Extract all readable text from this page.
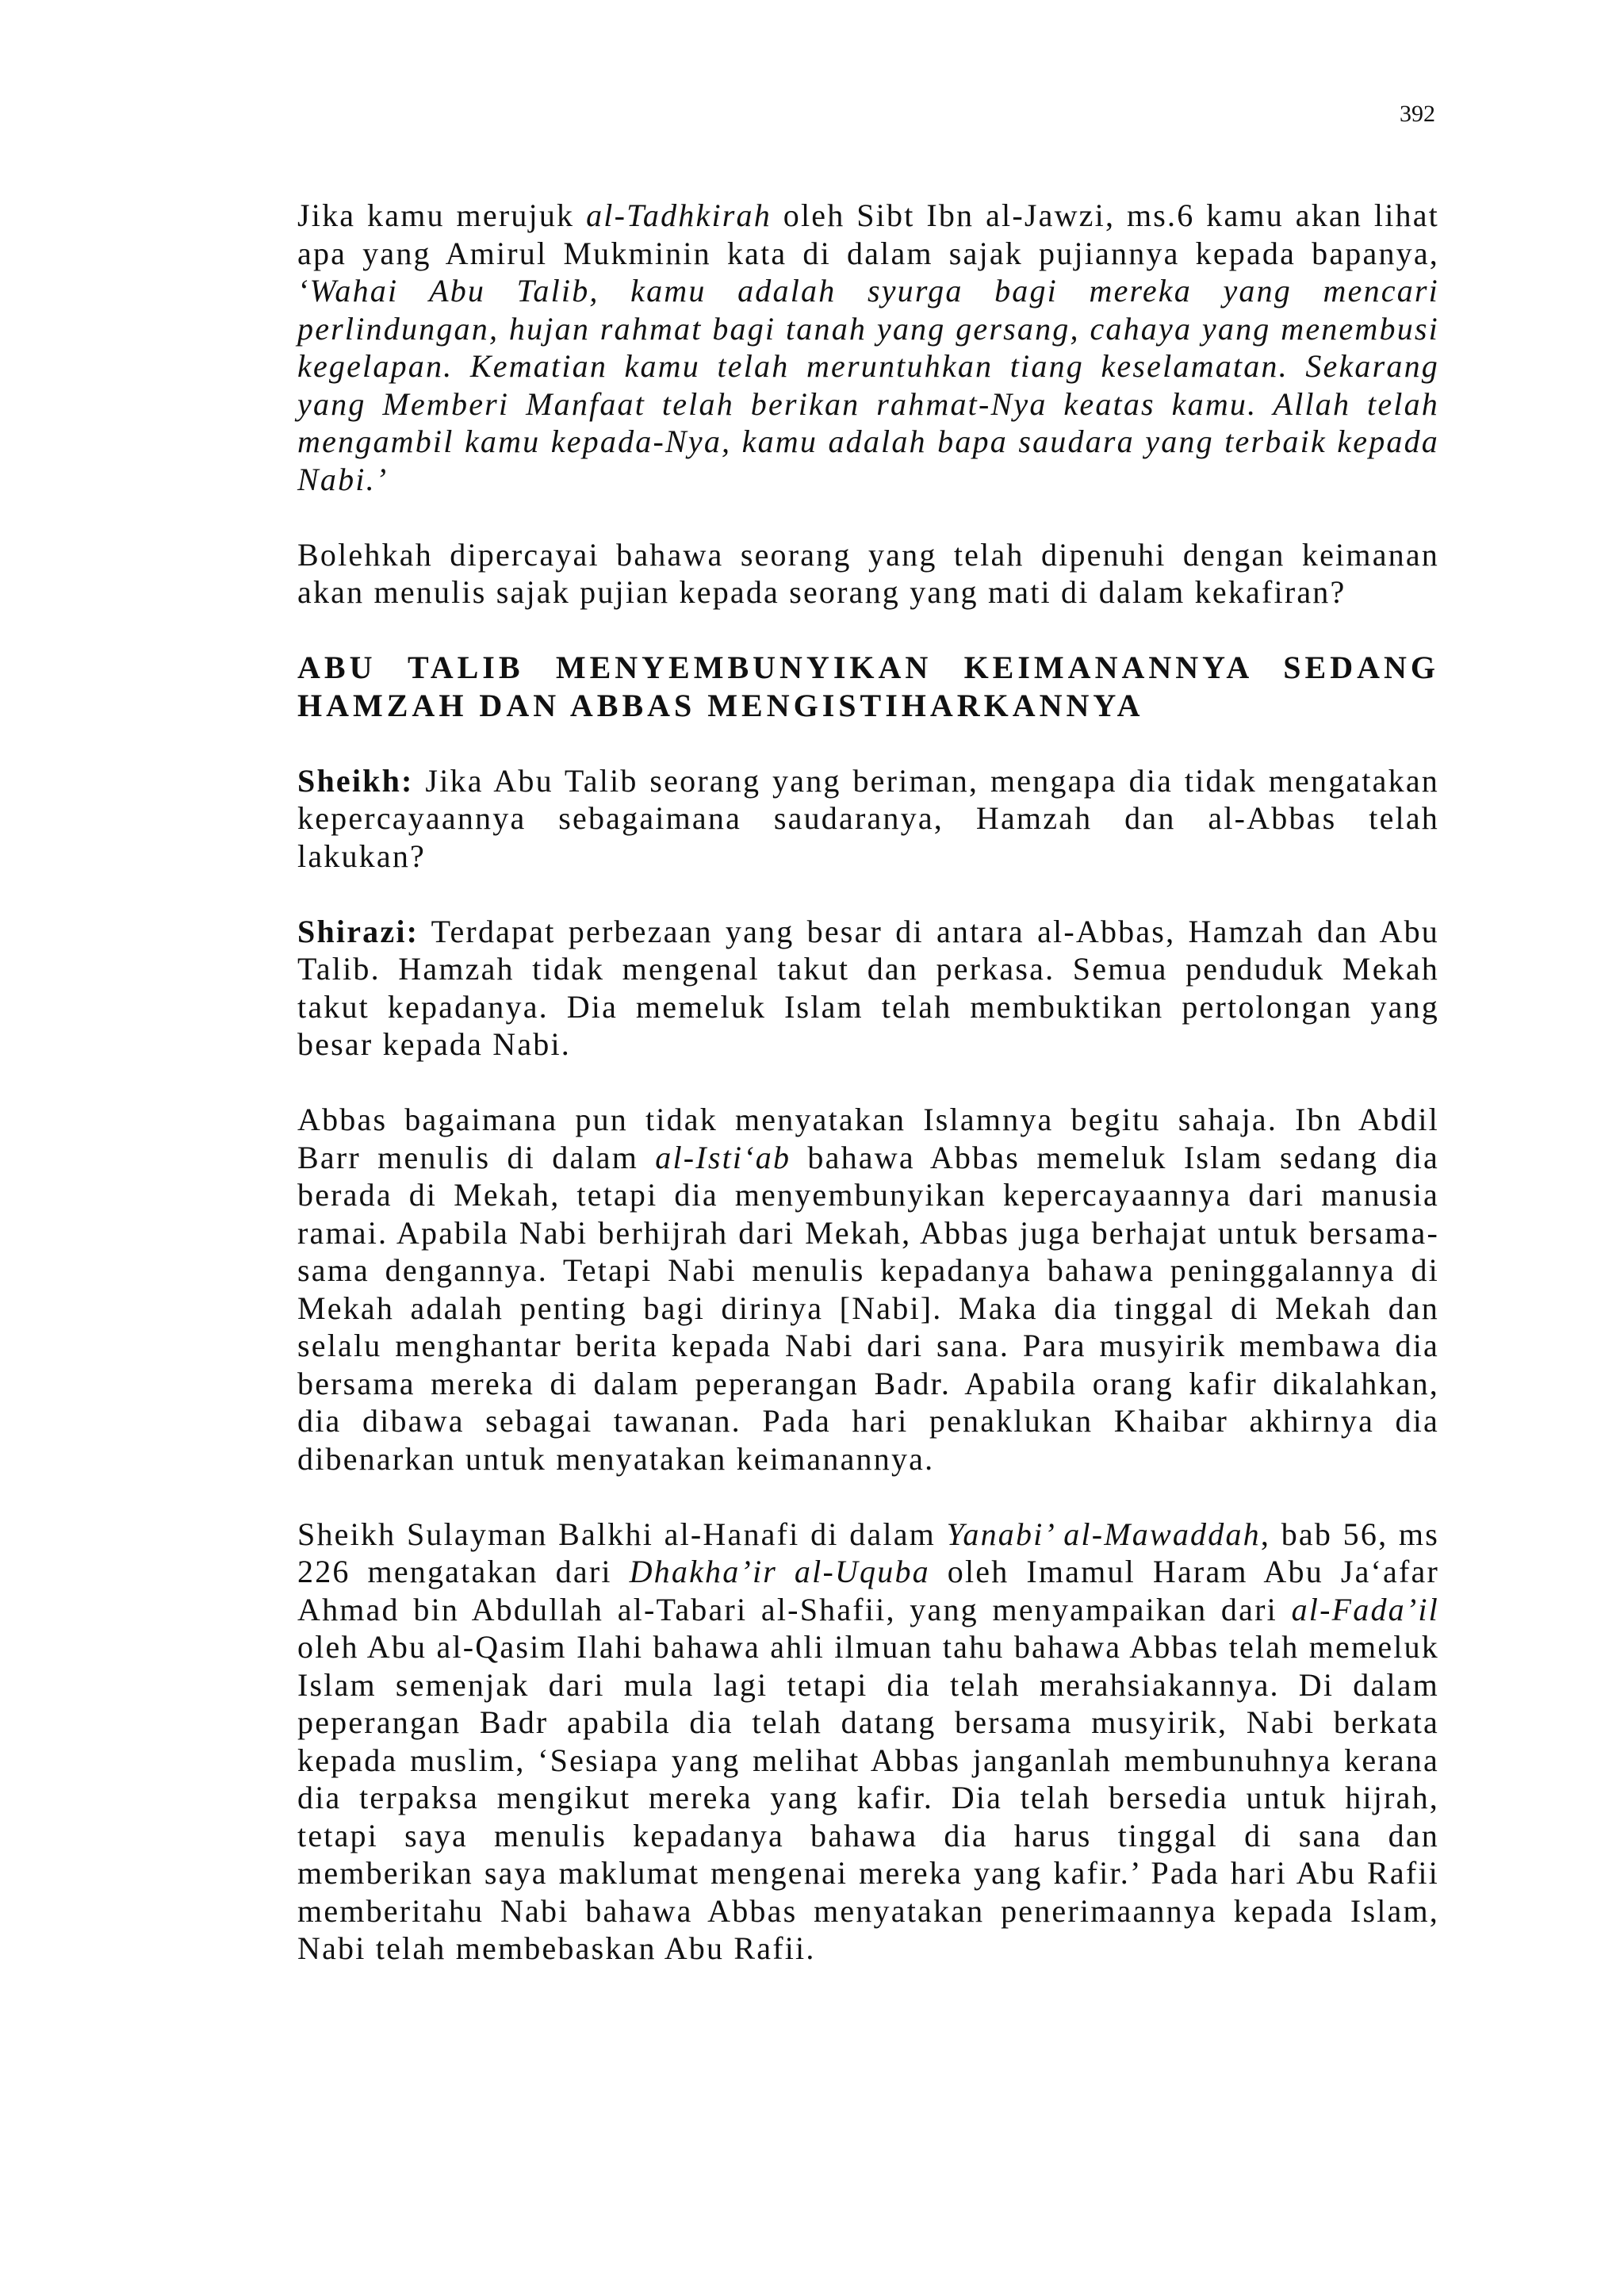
392

Jika kamu merujuk al-Tadhkirah oleh Sibt Ibn al-Jawzi, ms.6 kamu akan lihat apa yang Amirul Mukminin kata di dalam sajak pujiannya kepada bapanya, ‘Wahai Abu Talib, kamu adalah syurga bagi mereka yang mencari perlindungan, hujan rahmat bagi tanah yang gersang, cahaya yang menembusi kegelapan. Kematian kamu telah meruntuhkan tiang keselamatan. Sekarang yang Memberi Manfaat telah berikan rahmat-Nya keatas kamu. Allah telah mengambil kamu kepada-Nya, kamu adalah bapa saudara yang terbaik kepada Nabi.’

Bolehkah dipercayai bahawa seorang yang telah dipenuhi dengan keimanan akan menulis sajak pujian kepada seorang yang mati di dalam kekafiran?

ABU TALIB MENYEMBUNYIKAN KEIMANANNYA SEDANG HAMZAH DAN ABBAS MENGISTIHARKANNYA

Sheikh: Jika Abu Talib seorang yang beriman, mengapa dia tidak mengatakan kepercayaannya sebagaimana saudaranya, Hamzah dan al-Abbas telah lakukan?

Shirazi: Terdapat perbezaan yang besar di antara al-Abbas, Hamzah dan Abu Talib. Hamzah tidak mengenal takut dan perkasa. Semua penduduk Mekah takut kepadanya. Dia memeluk Islam telah membuktikan pertolongan yang besar kepada Nabi.

Abbas bagaimana pun tidak menyatakan Islamnya begitu sahaja. Ibn Abdil Barr menulis di dalam al-Isti‘ab bahawa Abbas memeluk Islam sedang dia berada di Mekah, tetapi dia menyembunyikan kepercayaannya dari manusia ramai. Apabila Nabi berhijrah dari Mekah, Abbas juga berhajat untuk bersama-sama dengannya. Tetapi Nabi menulis kepadanya bahawa peninggalannya di Mekah adalah penting bagi dirinya [Nabi]. Maka dia tinggal di Mekah dan selalu menghantar berita kepada Nabi dari sana. Para musyirik membawa dia bersama mereka di dalam peperangan Badr. Apabila orang kafir dikalahkan, dia dibawa sebagai tawanan. Pada hari penaklukan Khaibar akhirnya dia dibenarkan untuk menyatakan keimanannya.

Sheikh Sulayman Balkhi al-Hanafi di dalam Yanabi’ al-Mawaddah, bab 56, ms 226 mengatakan dari Dhakha’ir al-Uquba oleh Imamul Haram Abu Ja‘afar Ahmad bin Abdullah al-Tabari al-Shafii, yang menyampaikan dari al-Fada’il oleh Abu al-Qasim Ilahi bahawa ahli ilmuan tahu bahawa Abbas telah memeluk Islam semenjak dari mula lagi tetapi dia telah merahsiakannya. Di dalam peperangan Badr apabila dia telah datang bersama musyirik, Nabi berkata kepada muslim, ‘Sesiapa yang melihat Abbas janganlah membunuhnya kerana dia terpaksa mengikut mereka yang kafir. Dia telah bersedia untuk hijrah, tetapi saya menulis kepadanya bahawa dia harus tinggal di sana dan memberikan saya maklumat mengenai mereka yang kafir.’ Pada hari Abu Rafii memberitahu Nabi bahawa Abbas menyatakan penerimaannya kepada Islam, Nabi telah membebaskan Abu Rafii.
